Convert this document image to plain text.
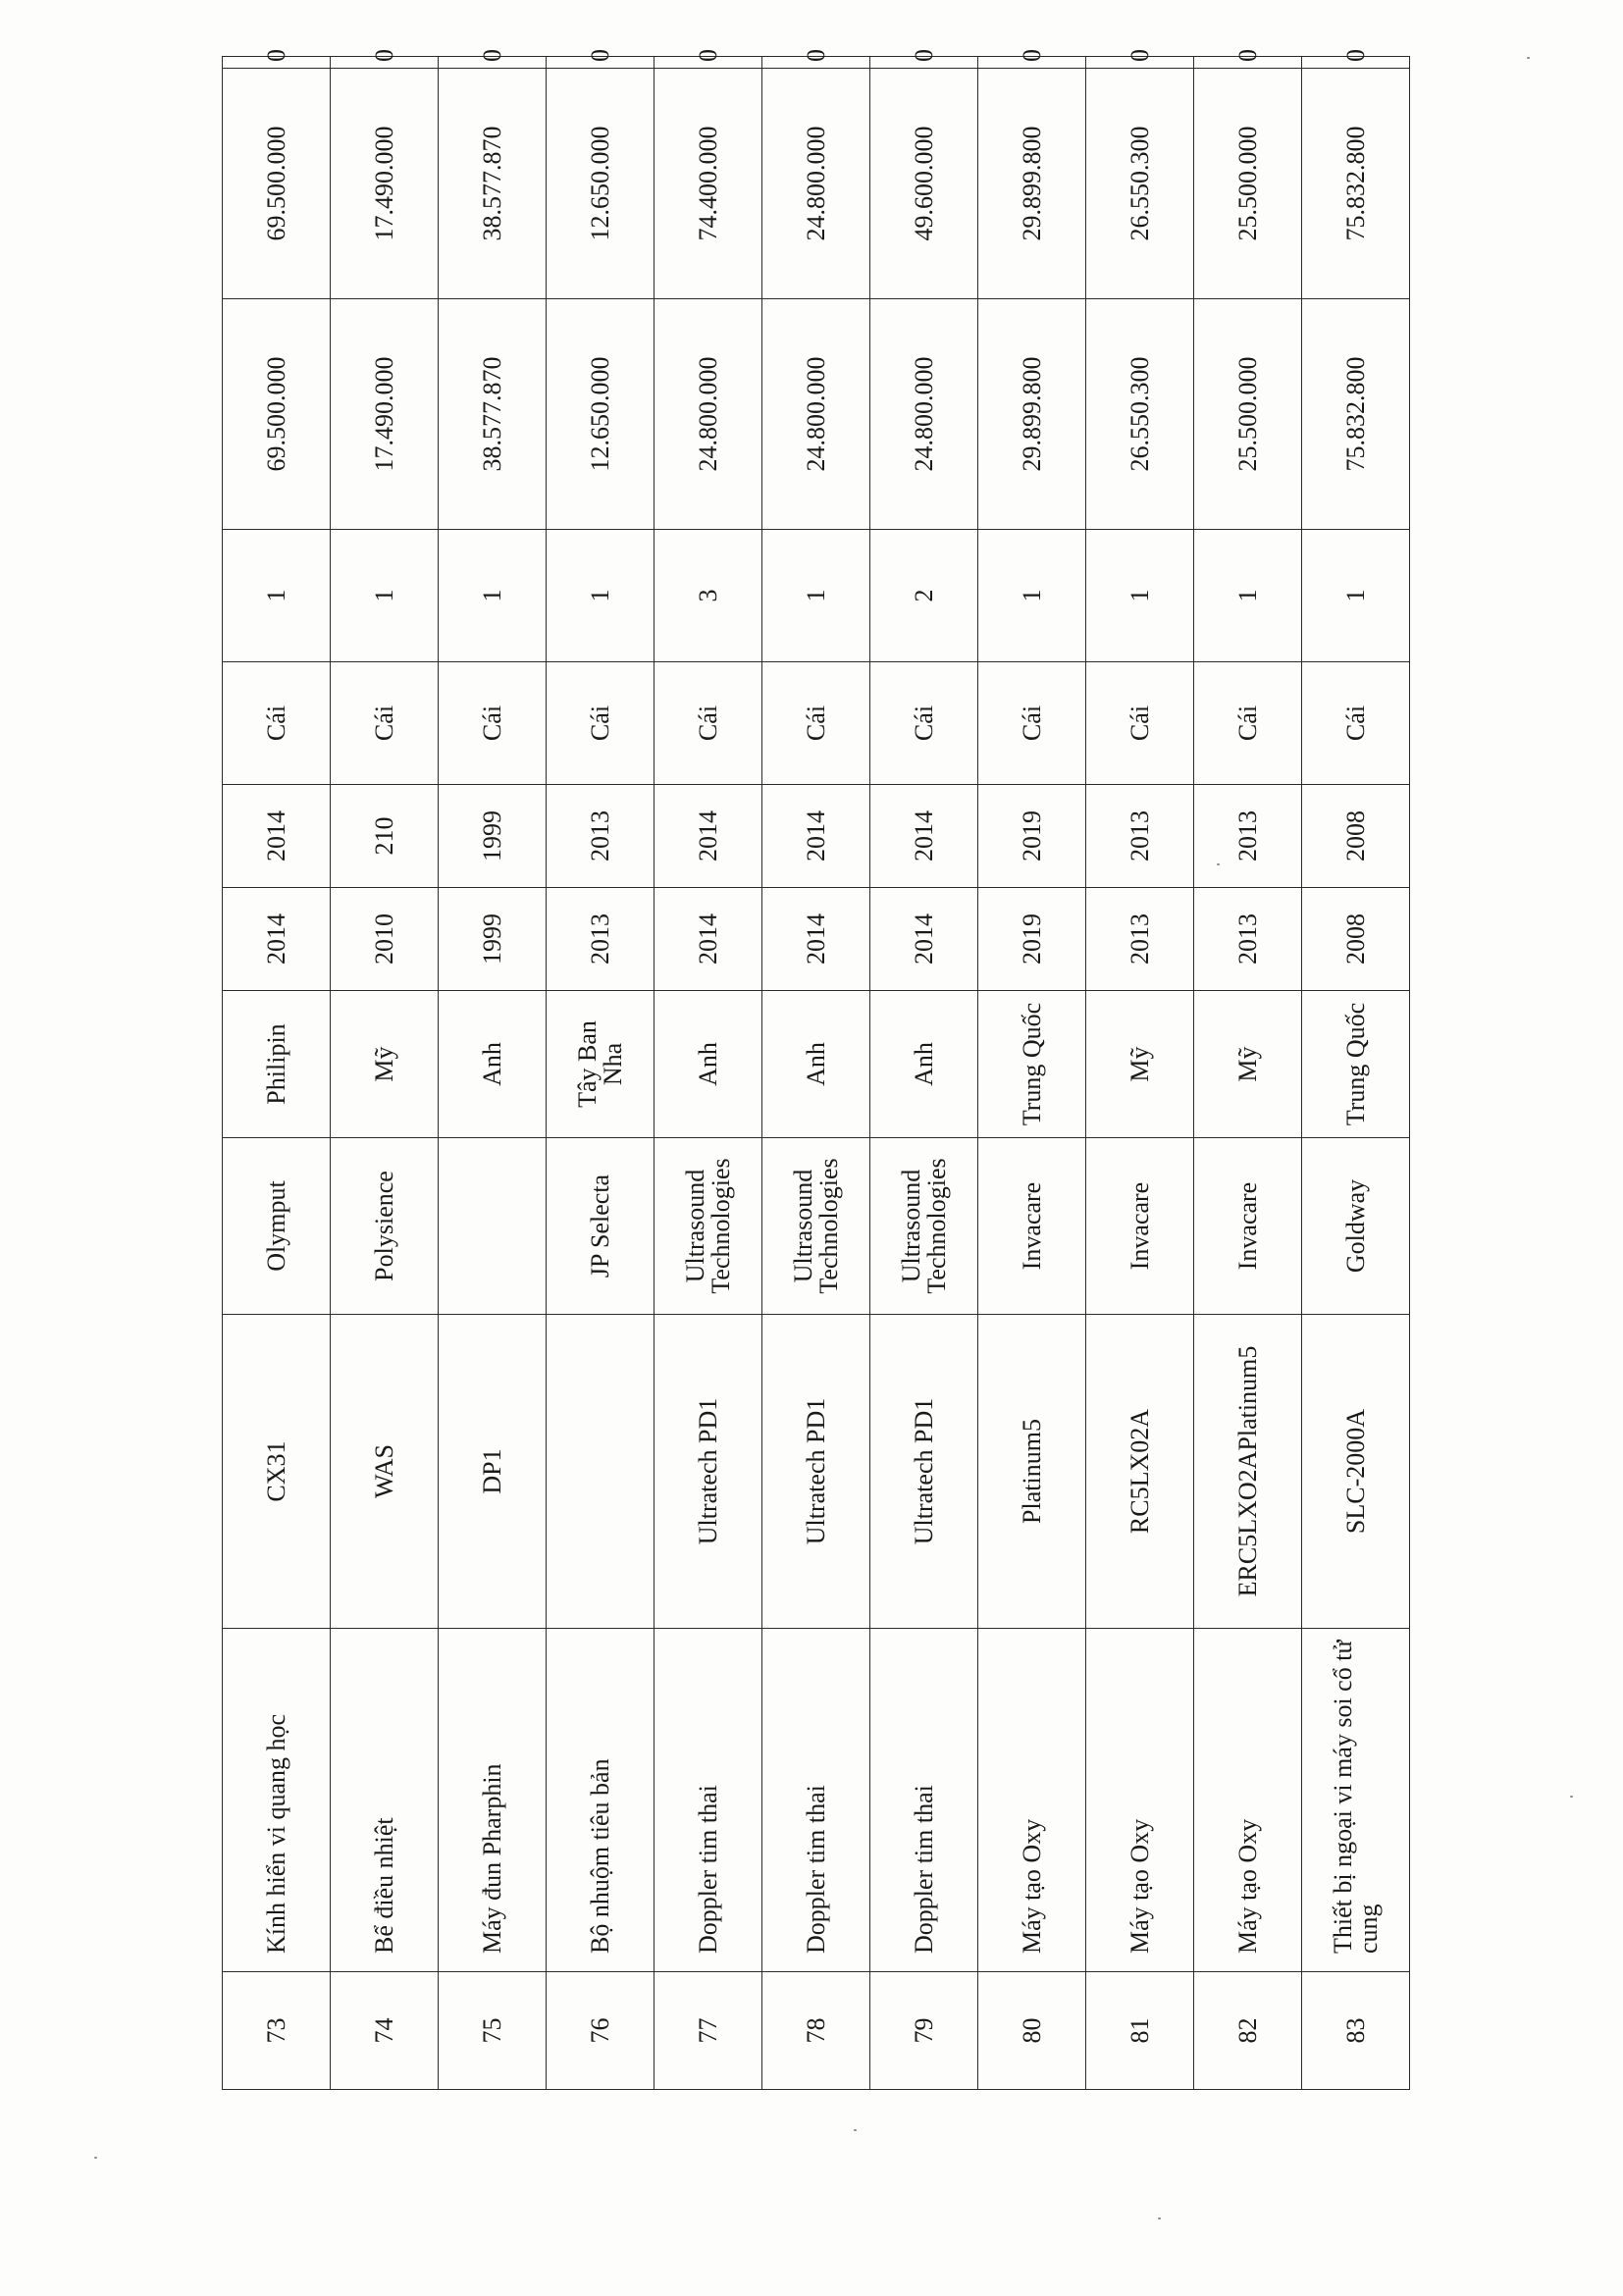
73	Kính hiển vi quang học	CX31	Olymput	Philipin	2014	2014	Cái	1	69.500.000	69.500.000	0
74	Bể điều nhiệt	WAS	Polysience	Mỹ	2010	210	Cái	1	17.490.000	17.490.000	0
75	Máy đun Pharphin	DP1		Anh	1999	1999	Cái	1	38.577.870	38.577.870	0
76	Bộ nhuộm tiêu bản		JP Selecta	Tây Ban Nha	2013	2013	Cái	1	12.650.000	12.650.000	0
77	Doppler tim thai	Ultratech PD1	Ultrasound Technologies	Anh	2014	2014	Cái	3	24.800.000	74.400.000	0
78	Doppler tim thai	Ultratech PD1	Ultrasound Technologies	Anh	2014	2014	Cái	1	24.800.000	24.800.000	0
79	Doppler tim thai	Ultratech PD1	Ultrasound Technologies	Anh	2014	2014	Cái	2	24.800.000	49.600.000	0
80	Máy tạo Oxy	Platinum5	Invacare	Trung Quốc	2019	2019	Cái	1	29.899.800	29.899.800	0
81	Máy tạo Oxy	RC5LX02A	Invacare	Mỹ	2013	2013	Cái	1	26.550.300	26.550.300	0
82	Máy tạo Oxy	ERC5LXO2APlatinum5	Invacare	Mỹ	2013	2013	Cái	1	25.500.000	25.500.000	0
83	Thiết bị ngoại vi máy soi cổ tử cung	SLC-2000A	Goldway	Trung Quốc	2008	2008	Cái	1	75.832.800	75.832.800	0
